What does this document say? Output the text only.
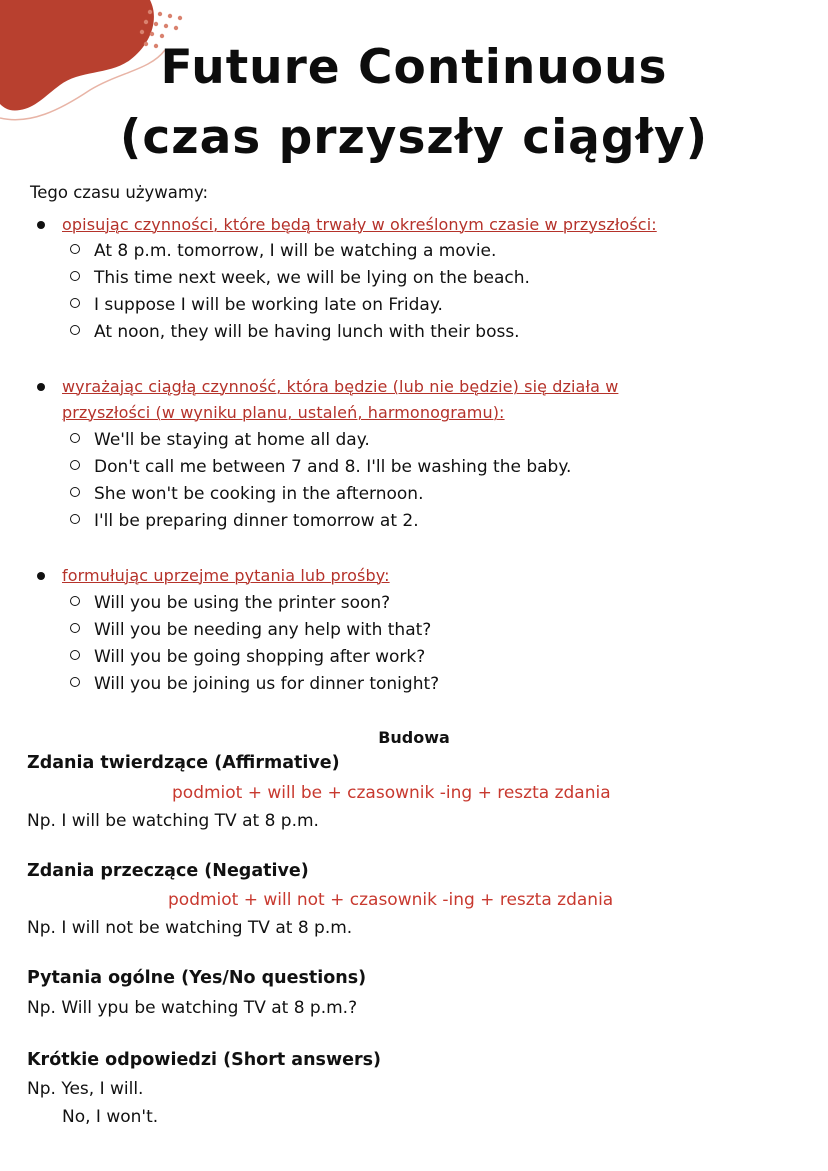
Future Continuous
(czas przyszły ciągły)
Tego czasu używamy:
opisując czynności, które będą trwały w określonym czasie w przyszłości:
At 8 p.m. tomorrow, I will be watching a movie.
This time next week, we will be lying on the beach.
I suppose I will be working late on Friday.
At noon, they will be having lunch with their boss.
wyrażając ciągłą czynność, która będzie (lub nie będzie) się działa w
przyszłości (w wyniku planu, ustaleń, harmonogramu):
We'll be staying at home all day.
Don't call me between 7 and 8. I'll be washing the baby.
She won't be cooking in the afternoon.
I'll be preparing dinner tomorrow at 2.
formułując uprzejme pytania lub prośby:
Will you be using the printer soon?
Will you be needing any help with that?
Will you be going shopping after work?
Will you be joining us for dinner tonight?
Budowa
Zdania twierdzące (Affirmative)
podmiot + will be + czasownik -ing + reszta zdania
Np. I will be watching TV at 8 p.m.
Zdania przeczące (Negative)
podmiot + will not + czasownik -ing + reszta zdania
Np. I will not be watching TV at 8 p.m.
Pytania ogólne (Yes/No questions)
Np. Will ypu be watching TV at 8 p.m.?
Krótkie odpowiedzi (Short answers)
Np. Yes, I will.
No, I won't.
